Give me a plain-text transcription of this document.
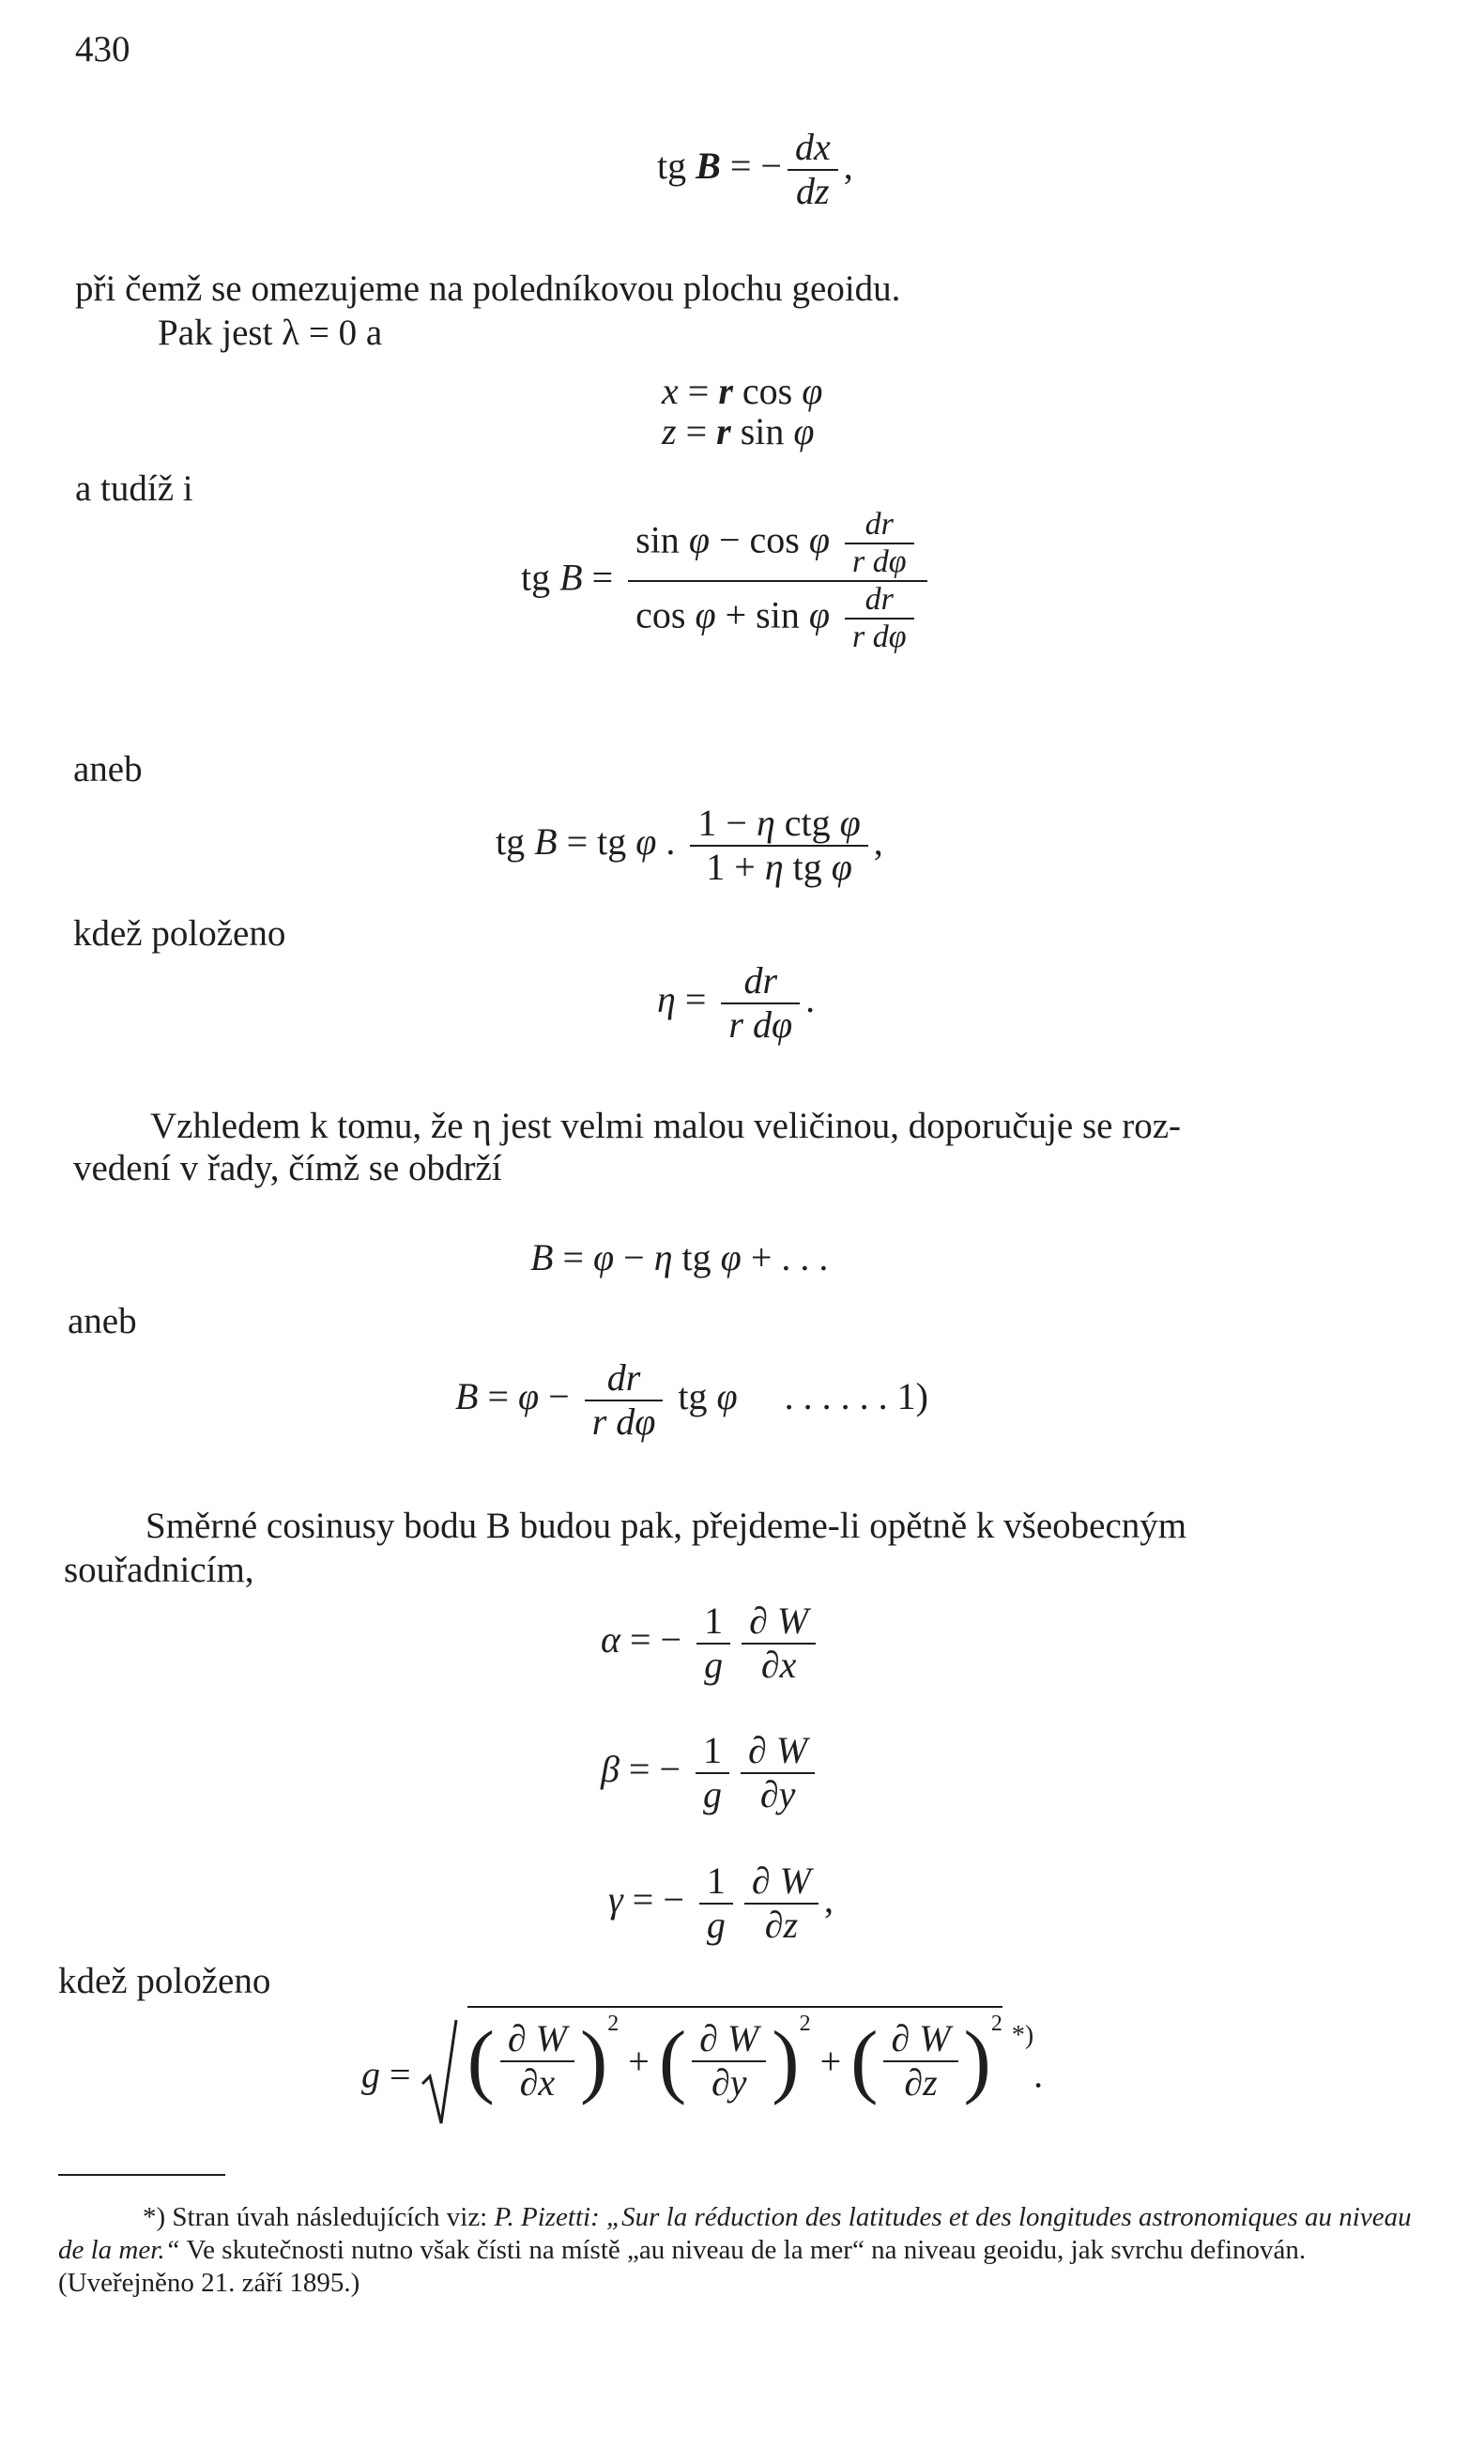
430
tg B = − $\frac{dx}{dz}$ ,
při čemž se omezujeme na poledníkovou plochu geoidu.
Pak jest λ = 0 a
x = r cos φ
z = r sin φ
a tudíž i
tg $B = \frac{\sin \varphi - \cos \varphi \frac{dr}{\text{r dφ}}}{\cos \varphi + \sin \varphi \frac{dr}{\text{r dφ}}}$
aneb
tg B = tg φ . $\frac{\text{1 − η ctg φ}}{\text{1 + η tg φ}}$ ,
kdež položeno
$\eta = \frac{dr}{\text{r dφ}}$ .
Vzhledem k tomu, že η jest velmi malou veličinou, doporučuje se roz-
vedení v řady, čímž se obdrží
B = φ − η tg φ + . . .
aneb
$B = \varphi - \frac{dr}{\text{r dφ}}$ tg φ . . . . . . 1)
Směrné cosinusy bodu B budou pak, přejdeme-li opětně k všeobecným
souřadnicím,
α = − $\frac{1}{g} \frac{\partial W}{\partial x}$
β = − $\frac{1}{g} \frac{\partial W}{\partial y}$
γ = − $\frac{1}{g} \frac{\partial W}{\partial z}$ ,
kdež položeno
g = ( $\frac{\partial W}{\partial x} )^2$ + ( $\frac{\partial W}{\partial y} )^2$ + ( $\frac{\partial W}{\partial z} )^2$ *).
*) Stran úvah následujících viz: P. Pizetti: „Sur la réduction des latitudes et des longitudes astronomiques au niveau de la mer.“ Ve skutečnosti nutno však čísti na místě „au niveau de la mer“ na niveau geoidu, jak svrchu definován. (Uveřejněno 21. září 1895.)
